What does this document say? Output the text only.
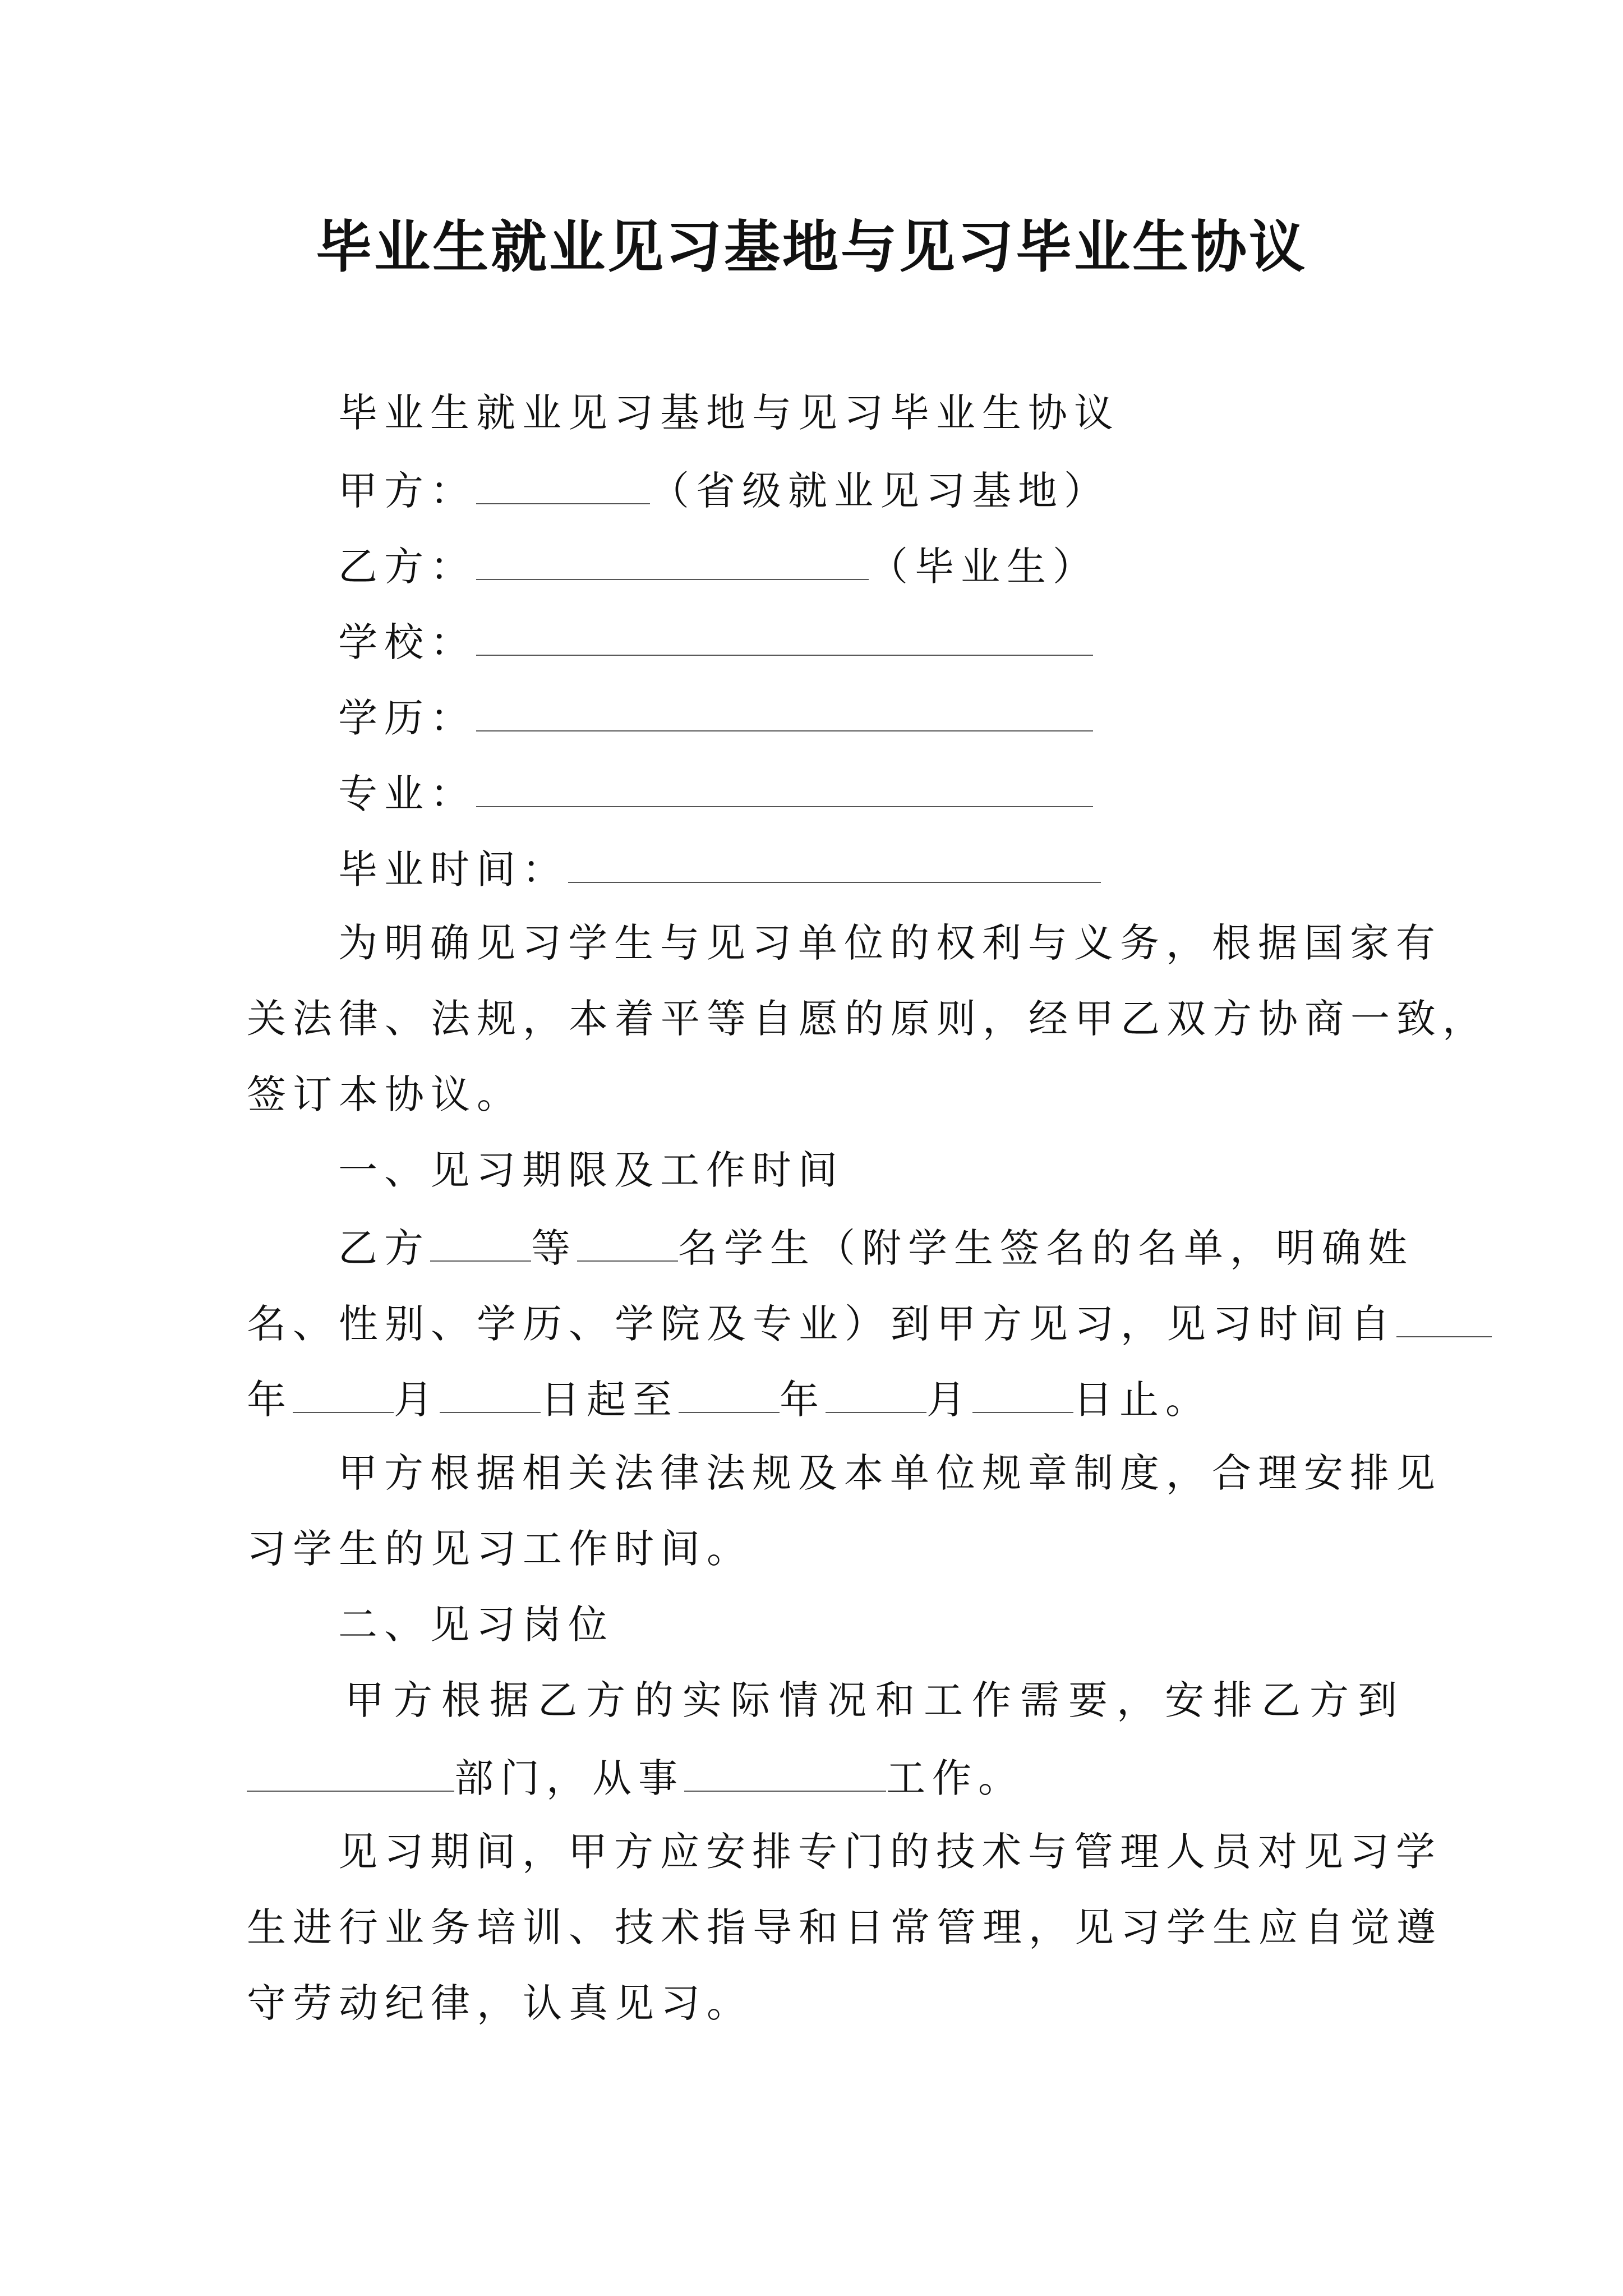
毕业生就业见习基地与见习毕业生协议
毕业生就业见习基地与见习毕业生协议
甲方：	（省级就业见习基地）
乙方：	（毕业生）
学校：
学历：
专业：
毕业时间：
为明确见习学生与见习单位的权利与义务，根据国家有
关法律、法规，本着平等自愿的原则，经甲乙双方协商一致，
签订本协议。
一、见习期限及工作时间
乙方	等	名学生（附学生签名的名单，明确姓
名、性别、学历、学院及专业）到甲方见习，见习时间自
年	月	日起至	年	月	日止。
甲方根据相关法律法规及本单位规章制度，合理安排见
习学生的见习工作时间。
二、见习岗位
甲方根据乙方的实际情况和工作需要，安排乙方到
部门，从事	工作。
见习期间，甲方应安排专门的技术与管理人员对见习学
生进行业务培训、技术指导和日常管理，见习学生应自觉遵
守劳动纪律，认真见习。
